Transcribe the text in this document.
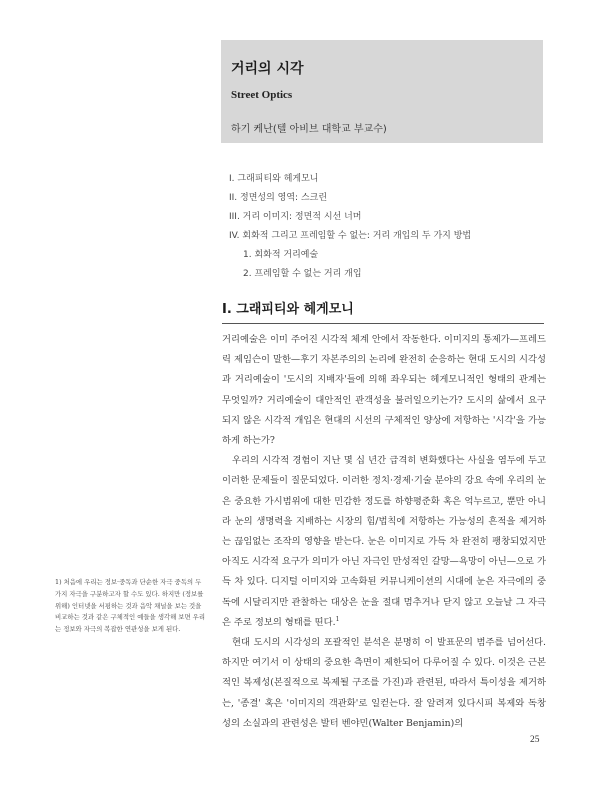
거리의 시각
Street Optics
하기 케난(텔 아비브 대학교 부교수)
I. 그래피티와 헤게모니
II. 정면성의 영역: 스크린
III. 거리 이미지: 정면적 시선 너머
IV. 회화적 그리고 프레임할 수 없는: 거리 개입의 두 가지 방법
1. 회화적 거리예술
2. 프레임할 수 없는 거리 개입
I. 그래피티와 헤게모니

거리예술은 이미 주어진 시각적 체계 안에서 작동한다. 이미지의 통제가—프레드릭 제임슨이 말한—후기 자본주의의 논리에 완전히 순응하는 현대 도시의 시각성과 거리예술이 '도시의 지배자'들에 의해 좌우되는 헤게모니적인 형태의 관계는 무엇일까? 거리예술이 대안적인 관객성을 불러일으키는가? 도시의 삶에서 요구되지 않은 시각적 개입은 현대의 시선의 구체적인 양상에 저항하는 '시각'을 가능하게 하는가?

우리의 시각적 경험이 지난 몇 십 년간 급격히 변화했다는 사실을 염두에 두고 이러한 문제들이 질문되었다. 이러한 정치·경제·기술 분야의 강요 속에 우리의 눈은 중요한 가시범위에 대한 민감한 정도를 하향평준화 혹은 억누르고, 뿐만 아니라 눈의 생명력을 지배하는 시장의 힘/법칙에 저항하는 가능성의 흔적을 제거하는 끊임없는 조작의 영향을 받는다. 눈은 이미지로 가득 차 완전히 팽창되었지만 아직도 시각적 요구가 의미가 아닌 자극인 만성적인 갈망—욕망이 아닌—으로 가득 차 있다. 디지털 이미지와 고속화된 커뮤니케이션의 시대에 눈은 자극에의 중독에 시달리지만 관찰하는 대상은 눈을 절대 멈추거나 닫지 않고 오늘날 그 자극은 주로 정보의 형태를 띤다.$^1$

현대 도시의 시각성의 포괄적인 분석은 분명히 이 발표문의 범주를 넘어선다. 하지만 여기서 이 상태의 중요한 측면이 제한되어 다루어질 수 있다. 이것은 근본적인 복제성(본질적으로 복제될 구조를 가진)과 관련된, 따라서 특이성을 제거하는, '종결' 혹은 '이미지의 객관화'로 일컫는다. 잘 알려져 있다시피 복제와 독창성의 소실과의 관련성은 발터 벤야민(Walter Benjamin)의

1) 처음에 우리는 정보·중독과 단순한 자극 중독의 두 가지 자극을 구분하고자 할 수도 있다. 하지만 (정보를 위해) 인터넷을 서핑하는 것과 음악 채널을 보는 것을 비교하는 것과 같은 구체적인 예들을 생각해 보면 우리는 정보와 자극의 복잡한 연관성을 보게 된다.
25
